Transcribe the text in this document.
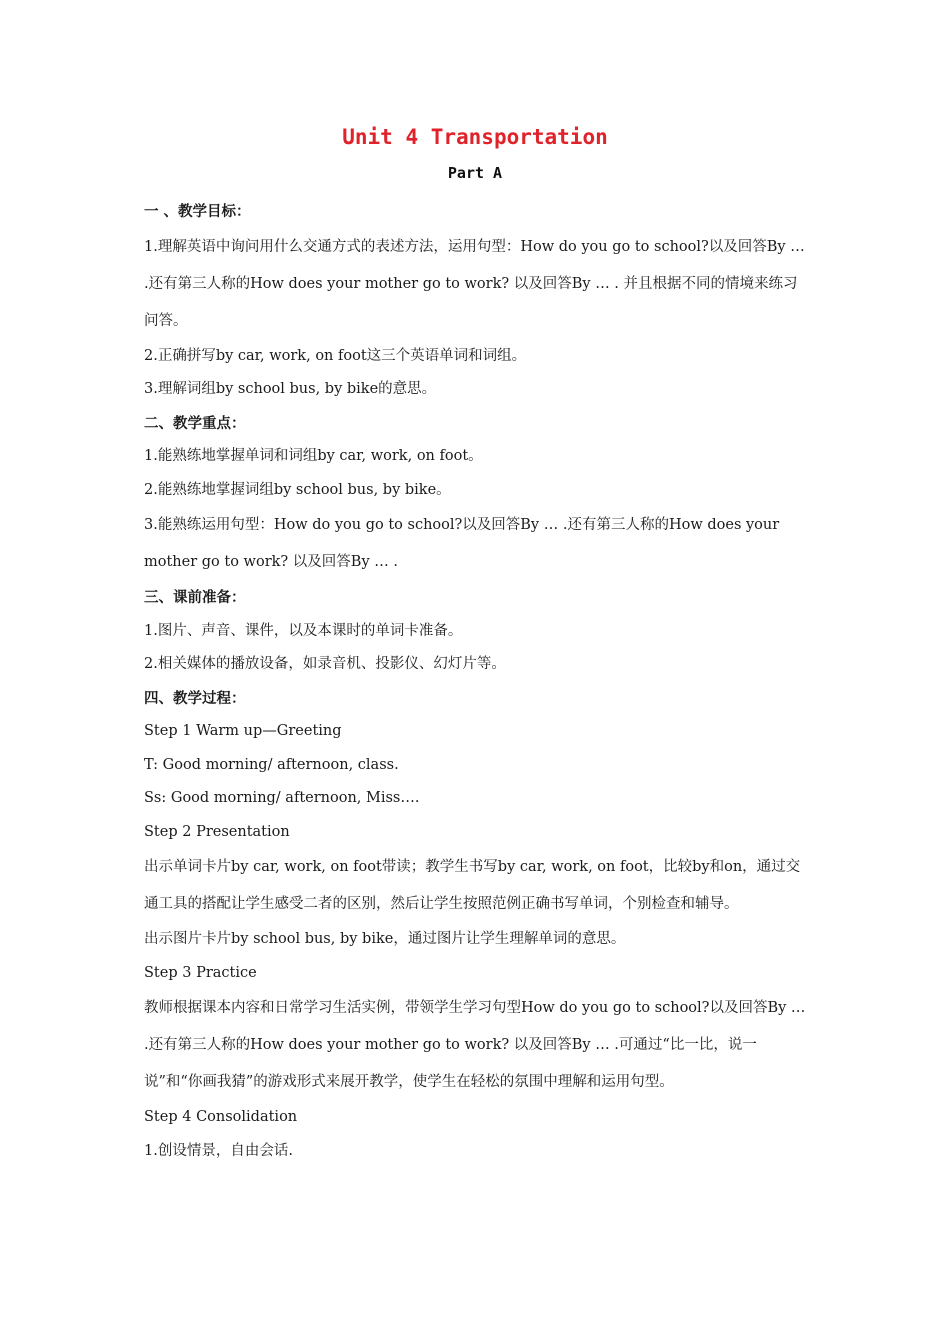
Unit 4 Transportation
Part A

一 、教学目标：

1.理解英语中询问用什么交通方式的表述方法，运用句型：How do you go to school?以及回答By … .还有第三人称的How does your mother go to work? 以及回答By … . 并且根据不同的情境来练习问答。

2.正确拼写by car, work, on foot这三个英语单词和词组。

3.理解词组by school bus, by bike的意思。

二、教学重点：

1.能熟练地掌握单词和词组by car, work, on foot。

2.能熟练地掌握词组by school bus, by bike。

3.能熟练运用句型：How do you go to school?以及回答By … .还有第三人称的How does your mother go to work? 以及回答By … .

三、课前准备：

1.图片、声音、课件，以及本课时的单词卡准备。

2.相关媒体的播放设备，如录音机、投影仪、幻灯片等。

四、教学过程：

Step 1 Warm up—Greeting

T: Good morning/ afternoon, class.

Ss: Good morning/ afternoon, Miss….

Step 2 Presentation

出示单词卡片by car, work, on foot带读；教学生书写by car, work, on foot，比较by和on，通过交通工具的搭配让学生感受二者的区别，然后让学生按照范例正确书写单词，个别检查和辅导。

出示图片卡片by school bus, by bike，通过图片让学生理解单词的意思。

Step 3 Practice

教师根据课本内容和日常学习生活实例，带领学生学习句型How do you go to school?以及回答By … .还有第三人称的How does your mother go to work? 以及回答By … .可通过“比一比，说一说”和“你画我猜”的游戏形式来展开教学，使学生在轻松的氛围中理解和运用句型。

Step 4 Consolidation

1.创设情景，自由会话.
